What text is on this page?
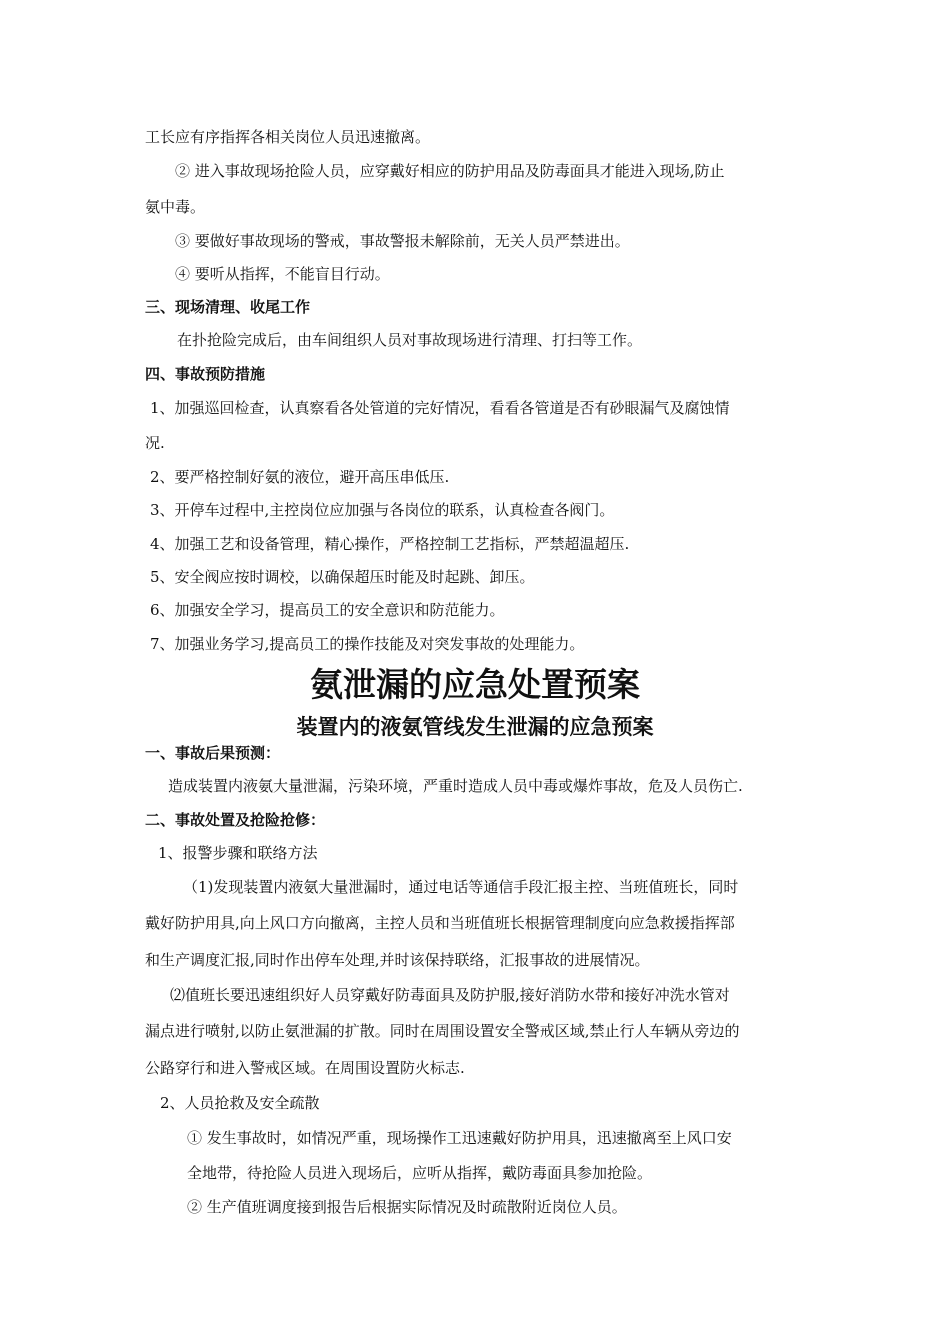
工长应有序指挥各相关岗位人员迅速撤离。
② 进入事故现场抢险人员，应穿戴好相应的防护用品及防毒面具才能进入现场,防止
氨中毒。
③ 要做好事故现场的警戒，事故警报未解除前，无关人员严禁进出。
④ 要听从指挥，不能盲目行动。
三、现场清理、收尾工作
在扑抢险完成后，由车间组织人员对事故现场进行清理、打扫等工作。
四、事故预防措施
1、加强巡回检查，认真察看各处管道的完好情况，看看各管道是否有砂眼漏气及腐蚀情
况.
2、要严格控制好氨的液位，避开高压串低压.
3、开停车过程中,主控岗位应加强与各岗位的联系，认真检查各阀门。
4、加强工艺和设备管理，精心操作，严格控制工艺指标，严禁超温超压.
5、安全阀应按时调校，以确保超压时能及时起跳、卸压。
6、加强安全学习，提高员工的安全意识和防范能力。
7、加强业务学习,提高员工的操作技能及对突发事故的处理能力。
氨泄漏的应急处置预案
装置内的液氨管线发生泄漏的应急预案
一、事故后果预测：
造成装置内液氨大量泄漏，污染环境，严重时造成人员中毒或爆炸事故，危及人员伤亡.
二、事故处置及抢险抢修：
1、报警步骤和联络方法
（1)发现装置内液氨大量泄漏时，通过电话等通信手段汇报主控、当班值班长，同时
戴好防护用具,向上风口方向撤离，主控人员和当班值班长根据管理制度向应急救援指挥部
和生产调度汇报,同时作出停车处理,并时该保持联络，汇报事故的进展情况。
⑵值班长要迅速组织好人员穿戴好防毒面具及防护服,接好消防水带和接好冲洗水管对
漏点进行喷射,以防止氨泄漏的扩散。同时在周围设置安全警戒区域,禁止行人车辆从旁边的
公路穿行和进入警戒区域。在周围设置防火标志.
2、人员抢救及安全疏散
① 发生事故时，如情况严重，现场操作工迅速戴好防护用具，迅速撤离至上风口安
全地带，待抢险人员进入现场后，应听从指挥，戴防毒面具参加抢险。
② 生产值班调度接到报告后根据实际情况及时疏散附近岗位人员。
